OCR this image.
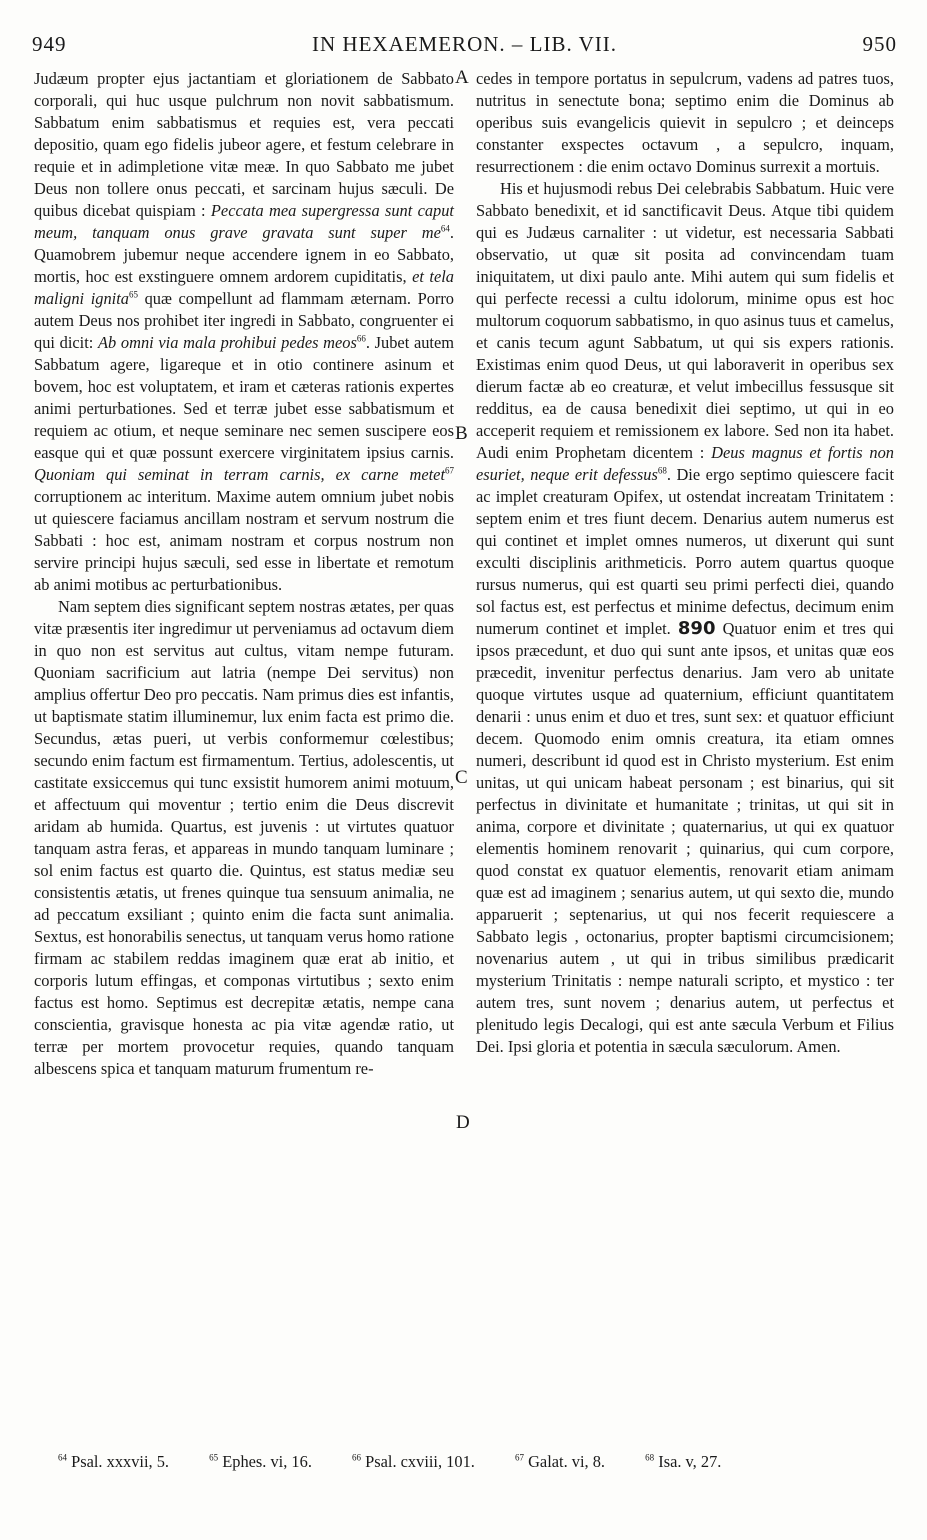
949	IN HEXAEMERON. – LIB. VII.	950

Judæum propter ejus jactantiam et gloriationem de Sabbato corporali, qui huc usque pulchrum non novit sabbatismum. Sabbatum enim sabbatismus et requies est, vera peccati depositio, quam ego fidelis jubeor agere, et festum celebrare in requie et in adimpletione vitæ meæ. In quo Sabbato me jubet Deus non tollere onus peccati, et sarcinam hujus sæculi. De quibus dicebat quispiam : Peccata mea supergressa sunt caput meum, tanquam onus grave gravata sunt super $me^{64}$. Quamobrem jubemur neque accendere ignem in eo Sabbato, mortis, hoc est exstinguere omnem ardorem cupiditatis, et tela maligni ignita$^{65}$ quæ compellunt ad flammam æternam. Porro autem Deus nos prohibet iter ingredi in Sabbato, congruenter ei qui dicit: Ab omni via mala prohibui pedes meos$^{66}$. Jubet autem Sabbatum agere, ligareque et in otio continere asinum et bovem, hoc est voluptatem, et iram et cæteras rationis expertes animi perturbationes. Sed et terræ jubet esse sabbatismum et requiem ac otium, et neque seminare nec semen suscipere eos easque qui et quæ possunt exercere virginitatem ipsius carnis. Quoniam qui seminat in terram carnis, ex carne metet$^{67}$ corruptionem ac interitum. Maxime autem omnium jubet nobis ut quiescere faciamus ancillam nostram et servum nostrum die Sabbati : hoc est, animam nostram et corpus nostrum non servire principi hujus sæculi, sed esse in libertate et remotum ab animi motibus ac perturbationibus.

Nam septem dies significant septem nostras ætates, per quas vitæ præsentis iter ingredimur ut perveniamus ad octavum diem in quo non est servitus aut cultus, vitam nempe futuram. Quoniam sacrificium aut latria (nempe Dei servitus) non amplius offertur Deo pro peccatis. Nam primus dies est infantis, ut baptismate statim illuminemur, lux enim facta est primo die. Secundus, ætas pueri, ut verbis conformemur cœlestibus; secundo enim factum est firmamentum. Tertius, adolescentis, ut castitate exsiccemus qui tunc exsistit humorem animi motuum, et affectuum qui moventur ; tertio enim die Deus discrevit aridam ab humida. Quartus, est juvenis : ut virtutes quatuor tanquam astra feras, et appareas in mundo tanquam luminare ; sol enim factus est quarto die. Quintus, est status mediæ seu consistentis ætatis, ut frenes quinque tua sensuum animalia, ne ad peccatum exsiliant ; quinto enim die facta sunt animalia. Sextus, est honorabilis senectus, ut tanquam verus homo ratione firmam ac stabilem reddas imaginem quæ erat ab initio, et corporis lutum effingas, et componas virtutibus ; sexto enim factus est homo. Septimus est decrepitæ ætatis, nempe cana conscientia, gravisque honesta ac pia vitæ agendæ ratio, ut terræ per mortem provocetur requies, quando tanquam albescens spica et tanquam maturum frumentum re-

A
B
C
D

cedes in tempore portatus in sepulcrum, vadens ad patres tuos, nutritus in senectute bona; septimo enim die Dominus ab operibus suis evangelicis quievit in sepulcro ; et deinceps constanter exspectes octavum , a sepulcro, inquam, resurrectionem : die enim octavo Dominus surrexit a mortuis.

His et hujusmodi rebus Dei celebrabis Sabbatum. Huic vere Sabbato benedixit, et id sanctificavit Deus. Atque tibi quidem qui es Judæus carnaliter : ut videtur, est necessaria Sabbati observatio, ut quæ sit posita ad convincendam tuam iniquitatem, ut dixi paulo ante. Mihi autem qui sum fidelis et qui perfecte recessi a cultu idolorum, minime opus est hoc multorum coquorum sabbatismo, in quo asinus tuus et camelus, et canis tecum agunt Sabbatum, ut qui sis expers rationis. Existimas enim quod Deus, ut qui laboraverit in operibus sex dierum factæ ab eo creaturæ, et velut imbecillus fessusque sit redditus, ea de causa benedixit diei septimo, ut qui in eo acceperit requiem et remissionem ex labore. Sed non ita habet. Audi enim Prophetam dicentem : Deus magnus et fortis non esuriet, neque erit defessus$^{68}$. Die ergo septimo quiescere facit ac implet creaturam Opifex, ut ostendat increatam Trinitatem : septem enim et tres fiunt decem. Denarius autem numerus est qui continet et implet omnes numeros, ut dixerunt qui sunt exculti disciplinis arithmeticis. Porro autem quartus quoque rursus numerus, qui est quarti seu primi perfecti diei, quando sol factus est, est perfectus et minime defectus, decimum enim numerum continet et implet. 890 Quatuor enim et tres qui ipsos præcedunt, et duo qui sunt ante ipsos, et unitas quæ eos præcedit, invenitur perfectus denarius. Jam vero ab unitate quoque virtutes usque ad quaternium, efficiunt quantitatem denarii : unus enim et duo et tres, sunt sex: et quatuor efficiunt decem. Quomodo enim omnis creatura, ita etiam omnes numeri, describunt id quod est in Christo mysterium. Est enim unitas, ut qui unicam habeat personam ; est binarius, qui sit perfectus in divinitate et humanitate ; trinitas, ut qui sit in anima, corpore et divinitate ; quaternarius, ut qui ex quatuor elementis hominem renovarit ; quinarius, qui cum corpore, quod constat ex quatuor elementis, renovarit etiam animam quæ est ad imaginem ; senarius autem, ut qui sexto die, mundo apparuerit ; septenarius, ut qui nos fecerit requiescere a Sabbato legis , octonarius, propter baptismi circumcisionem; novenarius autem , ut qui in tribus similibus prædicarit mysterium Trinitatis : nempe naturali scripto, et mystico : ter autem tres, sunt novem ; denarius autem, ut perfectus et plenitudo legis Decalogi, qui est ante sæcula Verbum et Filius Dei. Ipsi gloria et potentia in sæcula sæculorum. Amen.

$^{64}$ Psal. xxxvii, 5.	$^{65}$ Ephes. vi, 16.	$^{66}$ Psal. cxviii, 101.	$^{67}$ Galat. vi, 8.	$^{68}$ Isa. v, 27.
